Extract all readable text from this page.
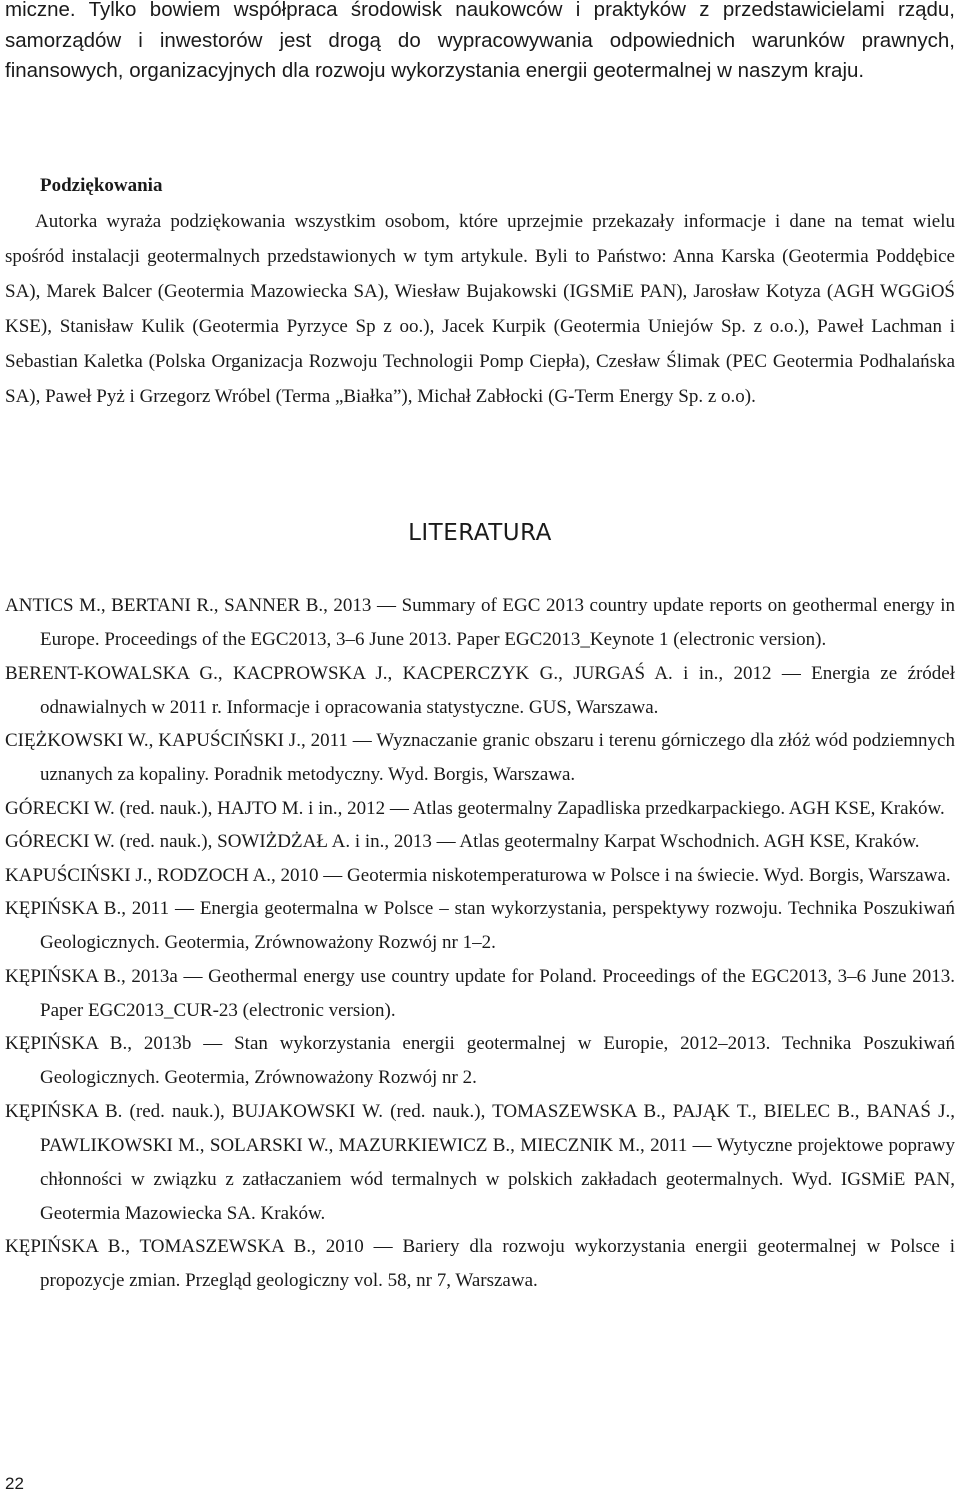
miczne. Tylko bowiem współpraca środowisk naukowców i praktyków z przedstawicielami rządu, samorządów i inwestorów jest drogą do wypracowywania odpowiednich warunków prawnych, finansowych, organizacyjnych dla rozwoju wykorzystania energii geotermalnej w naszym kraju.

Podziękowania

Autorka wyraża podziękowania wszystkim osobom, które uprzejmie przekazały informacje i dane na temat wielu spośród instalacji geotermalnych przedstawionych w tym artykule. Byli to Państwo: Anna Karska (Geotermia Poddębice SA), Marek Balcer (Geotermia Mazowiecka SA), Wiesław Bujakowski (IGSMiE PAN), Jarosław Kotyza (AGH WGGiOŚ KSE), Stanisław Kulik (Geotermia Pyrzyce Sp z oo.), Jacek Kurpik (Geotermia Uniejów Sp. z o.o.), Paweł Lachman i Sebastian Kaletka (Polska Organizacja Rozwoju Technologii Pomp Ciepła), Czesław Ślimak (PEC Geotermia Podhalańska SA), Paweł Pyż i Grzegorz Wróbel (Terma „Białka”), Michał Zabłocki (G-Term Energy Sp. z o.o).

LITERATURA
ANTICS M., BERTANI R., SANNER B., 2013 — Summary of EGC 2013 country update reports on geothermal energy in Europe. Proceedings of the EGC2013, 3–6 June 2013. Paper EGC2013_Keynote 1 (electronic version).
BERENT-KOWALSKA G., KACPROWSKA J., KACPERCZYK G., JURGAŚ A. i in., 2012 — Energia ze źródeł odnawialnych w 2011 r. Informacje i opracowania statystyczne. GUS, Warszawa.
CIĘŻKOWSKI W., KAPUŚCIŃSKI J., 2011 — Wyznaczanie granic obszaru i terenu górniczego dla złóż wód podziemnych uznanych za kopaliny. Poradnik metodyczny. Wyd. Borgis, Warszawa.
GÓRECKI W. (red. nauk.), HAJTO M. i in., 2012 — Atlas geotermalny Zapadliska przedkarpackiego. AGH KSE, Kraków.
GÓRECKI W. (red. nauk.), SOWIŻDŻAŁ A. i in., 2013 — Atlas geotermalny Karpat Wschodnich. AGH KSE, Kraków.
KAPUŚCIŃSKI J., RODZOCH A., 2010 — Geotermia niskotemperaturowa w Polsce i na świecie. Wyd. Borgis, Warszawa.
KĘPIŃSKA B., 2011 — Energia geotermalna w Polsce – stan wykorzystania, perspektywy rozwoju. Technika Poszukiwań Geologicznych. Geotermia, Zrównoważony Rozwój nr 1–2.
KĘPIŃSKA B., 2013a — Geothermal energy use country update for Poland. Proceedings of the EGC2013, 3–6 June 2013. Paper EGC2013_CUR-23 (electronic version).
KĘPIŃSKA B., 2013b — Stan wykorzystania energii geotermalnej w Europie, 2012–2013. Technika Poszukiwań Geologicznych. Geotermia, Zrównoważony Rozwój nr 2.
KĘPIŃSKA B. (red. nauk.), BUJAKOWSKI W. (red. nauk.), TOMASZEWSKA B., PAJĄK T., BIELEC B., BANAŚ J., PAWLIKOWSKI M., SOLARSKI W., MAZURKIEWICZ B., MIECZNIK M., 2011 — Wytyczne projektowe poprawy chłonności w związku z zatłaczaniem wód termalnych w polskich zakładach geotermalnych. Wyd. IGSMiE PAN, Geotermia Mazowiecka SA. Kraków.
KĘPIŃSKA B., TOMASZEWSKA B., 2010 — Bariery dla rozwoju wykorzystania energii geotermalnej w Polsce i propozycje zmian. Przegląd geologiczny vol. 58, nr 7, Warszawa.

22
